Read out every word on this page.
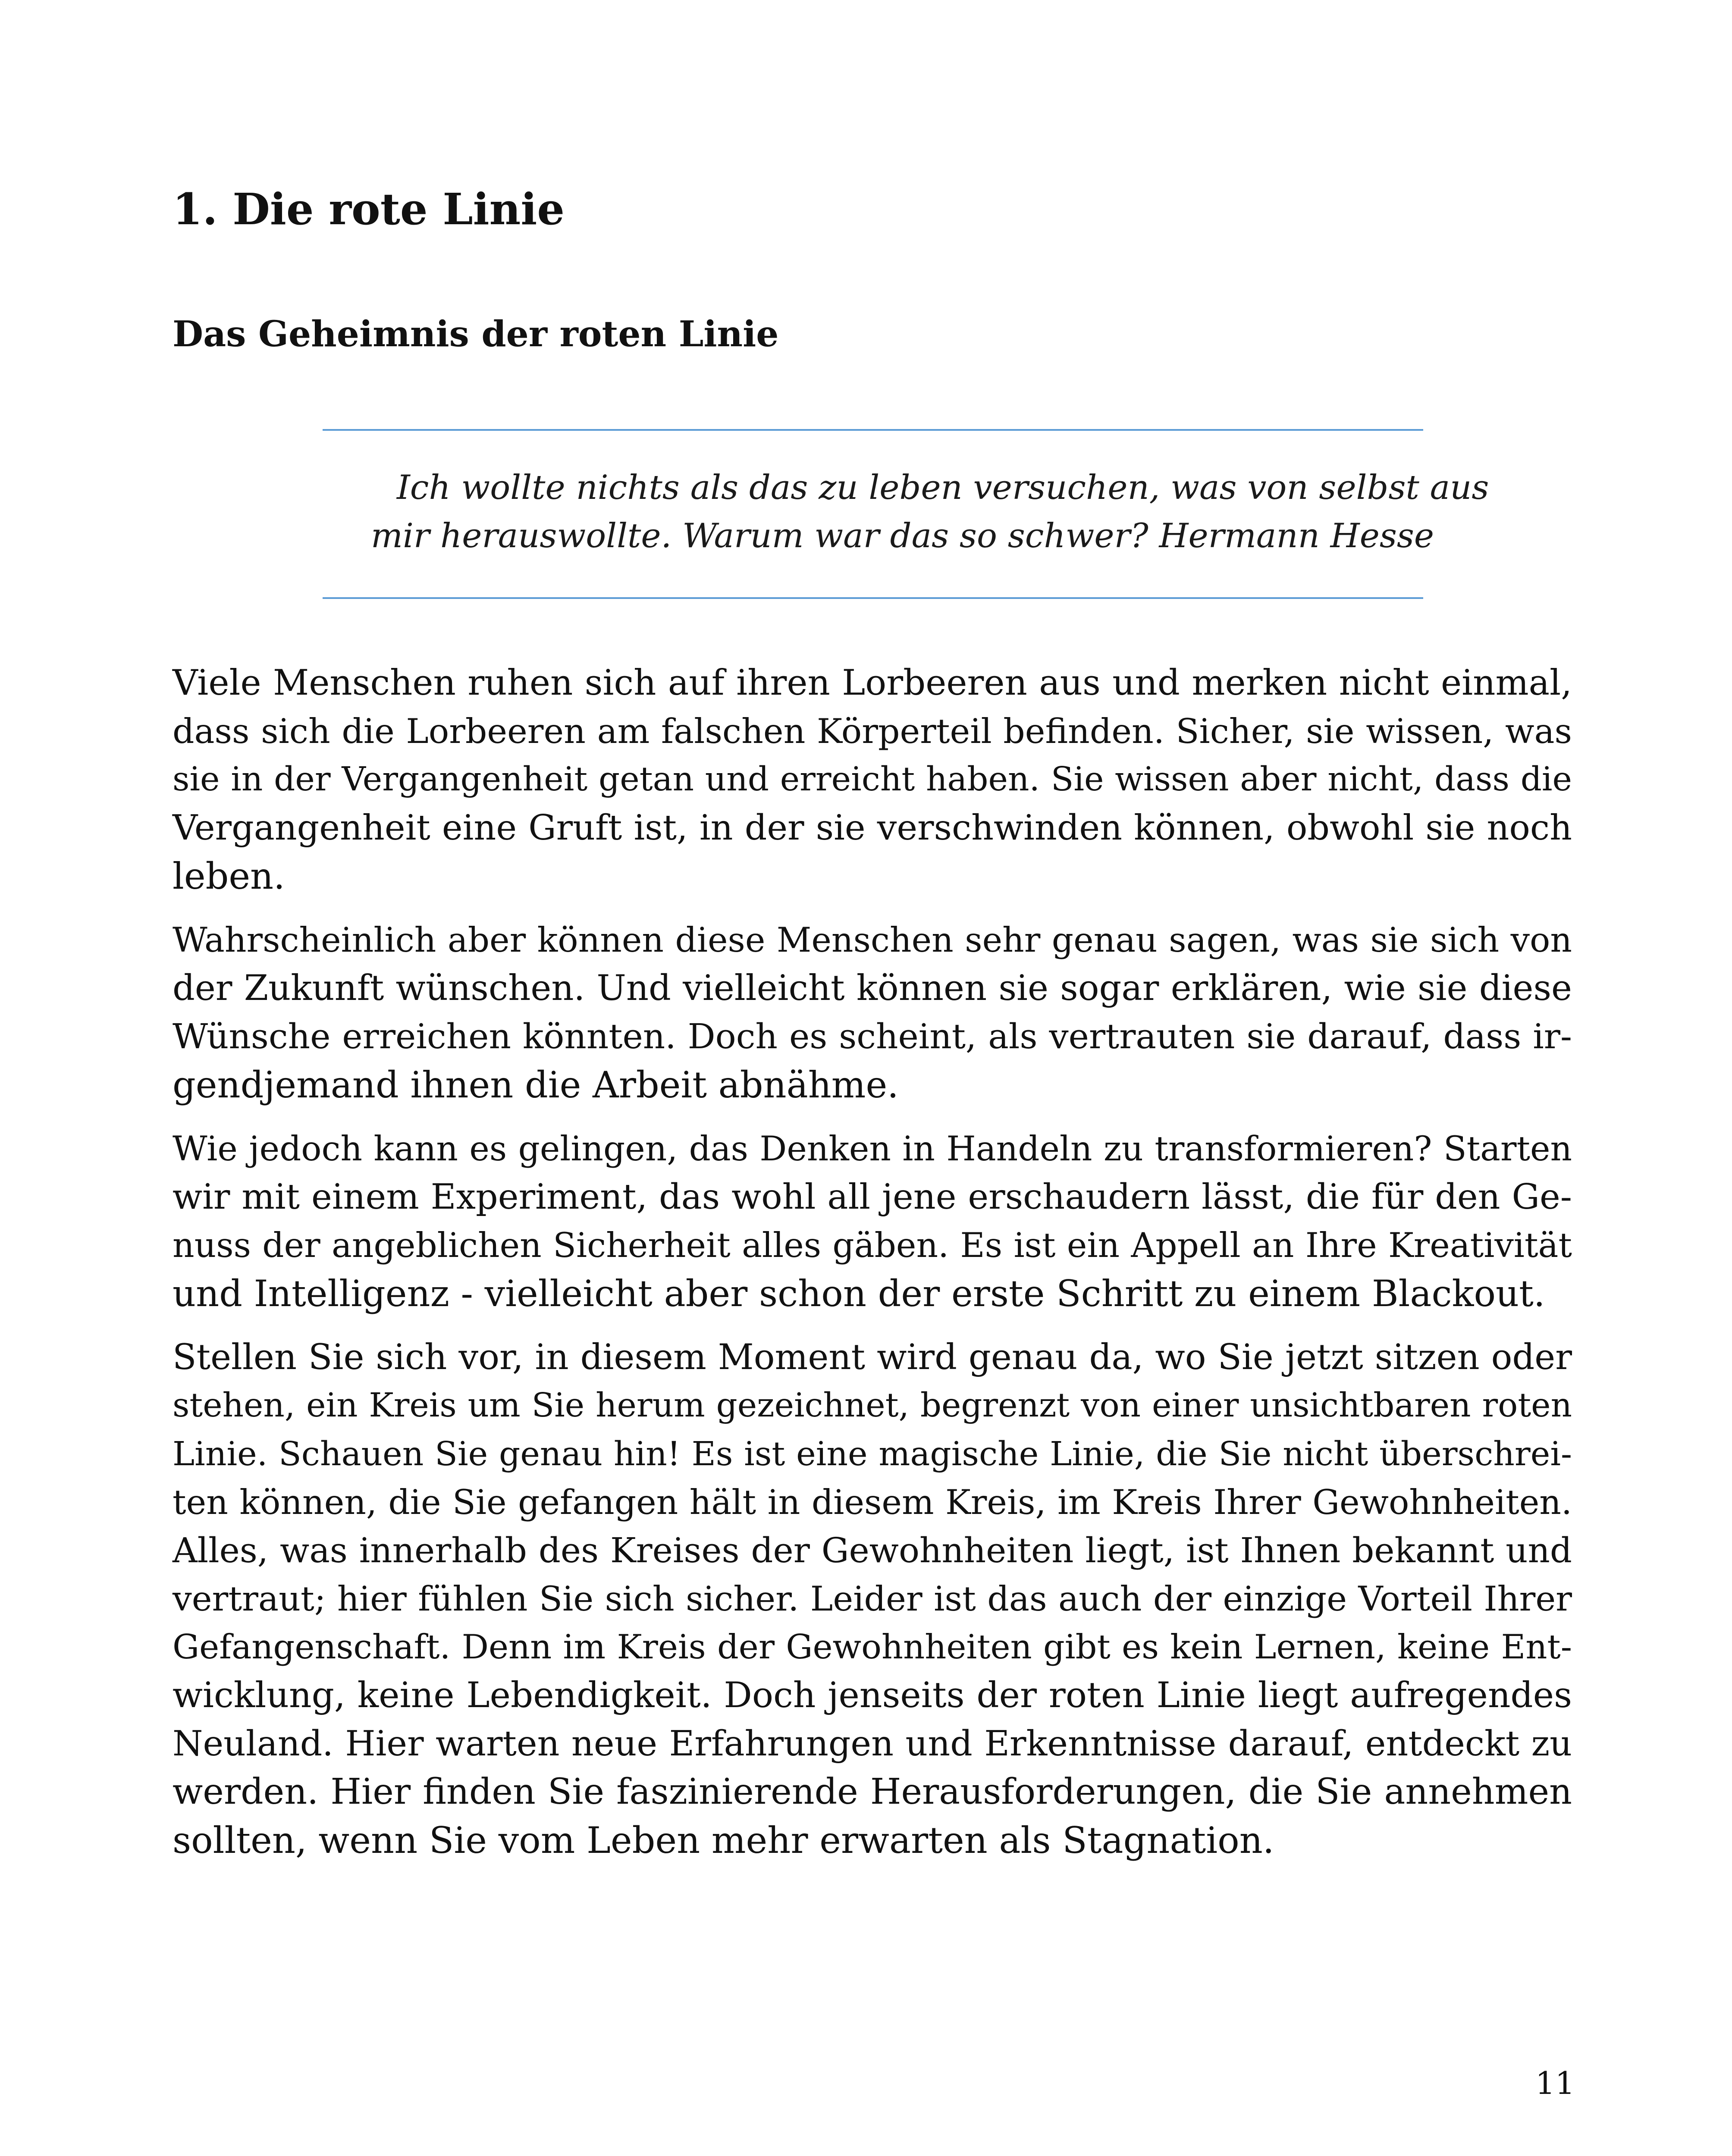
1. Die rote Linie
Das Geheimnis der roten Linie
Ich wollte nichts als das zu leben versuchen, was von selbst aus
mir herauswollte. Warum war das so schwer? Hermann Hesse

Viele Menschen ruhen sich auf ihren Lorbeeren aus und merken nicht einmal,
dass sich die Lorbeeren am falschen Körperteil befinden. Sicher, sie wissen, was
sie in der Vergangenheit getan und erreicht haben. Sie wissen aber nicht, dass die
Vergangenheit eine Gruft ist, in der sie verschwinden können, obwohl sie noch
leben.

Wahrscheinlich aber können diese Menschen sehr genau sagen, was sie sich von
der Zukunft wünschen. Und vielleicht können sie sogar erklären, wie sie diese
Wünsche erreichen könnten. Doch es scheint, als vertrauten sie darauf, dass ir-
gendjemand ihnen die Arbeit abnähme.

Wie jedoch kann es gelingen, das Denken in Handeln zu transformieren? Starten
wir mit einem Experiment, das wohl all jene erschaudern lässt, die für den Ge-
nuss der angeblichen Sicherheit alles gäben. Es ist ein Appell an Ihre Kreativität
und Intelligenz - vielleicht aber schon der erste Schritt zu einem Blackout.

Stellen Sie sich vor, in diesem Moment wird genau da, wo Sie jetzt sitzen oder
stehen, ein Kreis um Sie herum gezeichnet, begrenzt von einer unsichtbaren roten
Linie. Schauen Sie genau hin! Es ist eine magische Linie, die Sie nicht überschrei-
ten können, die Sie gefangen hält in diesem Kreis, im Kreis Ihrer Gewohnheiten.
Alles, was innerhalb des Kreises der Gewohnheiten liegt, ist Ihnen bekannt und
vertraut; hier fühlen Sie sich sicher. Leider ist das auch der einzige Vorteil Ihrer
Gefangenschaft. Denn im Kreis der Gewohnheiten gibt es kein Lernen, keine Ent-
wicklung, keine Lebendigkeit. Doch jenseits der roten Linie liegt aufregendes
Neuland. Hier warten neue Erfahrungen und Erkenntnisse darauf, entdeckt zu
werden. Hier finden Sie faszinierende Herausforderungen, die Sie annehmen
sollten, wenn Sie vom Leben mehr erwarten als Stagnation.

11
